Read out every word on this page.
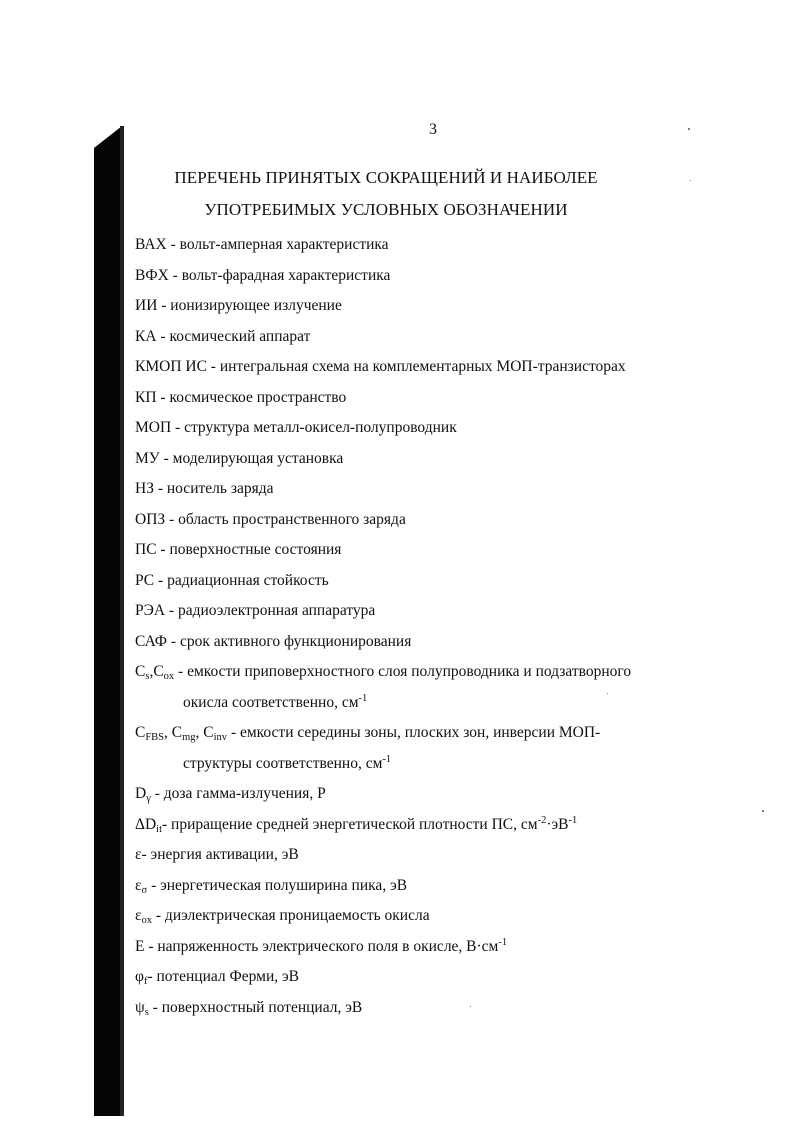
3
ПЕРЕЧЕНЬ ПРИНЯТЫХ СОКРАЩЕНИЙ И НАИБОЛЕЕ
УПОТРЕБИМЫХ УСЛОВНЫХ ОБОЗНАЧЕНИИ
ВАХ - вольт-амперная характеристика
ВФХ - вольт-фарадная характеристика
ИИ - ионизирующее излучение
КА - космический аппарат
КМОП ИС - интегральная схема на комплементарных МОП-транзисторах
КП - космическое пространство
МОП - структура металл-окисел-полупроводник
МУ - моделирующая установка
НЗ - носитель заряда
ОПЗ - область пространственного заряда
ПС - поверхностные состояния
РС - радиационная стойкость
РЭА - радиоэлектронная аппаратура
САФ - срок активного функционирования
$C_s,C_{ox}$ - емкости приповерхностного слоя полупроводника и подзатворного
окисла соответственно, $см^{-1}$
$C_{FBS}$, $C_{mg}$, $C_{inv}$ - емкости середины зоны, плоских зон, инверсии МОП-
структуры соответственно, $см^{-1}$
$D_\gamma$ - доза гамма-излучения, Р
$\Delta D_{it}-$ приращение средней энергетической плотности ПС, $см^{-2}\cdot эВ^{-1}$
ε- энергия активации, эВ
$\varepsilon_\sigma$ - энергетическая полуширина пика, эВ
$\varepsilon_{ox}$ - диэлектрическая проницаемость окисла
E - напряженность электрического поля в окисле, $В\cdot см^{-1}$
$\varphi_f-$ потенциал Ферми, эВ
$\psi_s$ - поверхностный потенциал, эВ
